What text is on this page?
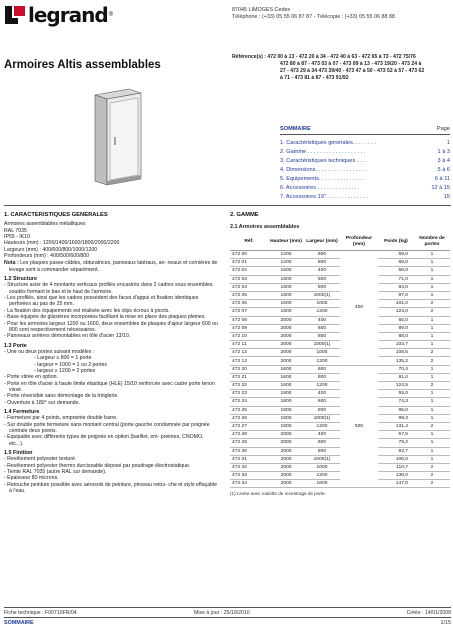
legrand ®
87045 LIMOGES Cedex
Téléphone : (+33) 05 55 06 87 87 - Télécopie : (+33) 05 55 06 88 88
Armoires Altis assemblables
Référence(s) : 472 00 à 13 - 472 20 à 34 - 472 40 à 63 - 472 65 à 73 - 472 75/76
472 80 à 87 - 473 03 à 07 - 473 09 à 13 - 473 19/20 - 473 24 à
27 - 473 29 à 34 473 39/40 - 473 47 à 50 - 473 52 à 57 - 473 62
à 71 - 473 81 à 87 - 473 91/92
SOMMAIRE	Page
1. Caractéristiques générales. . . . . . . .	1
2. Gamme . . . . . . . . . . . . . . . . . . .	1 à 3
3. Caractéristiques techniques . . . .	3 à 4
4. Dimensions. . . . . . . . . . . . . . . . .	5 à 6
5. Equipements. . . . . . . . . . . . . . .	6 à 11
6. Accessoires . . . . . . . . . . . . . .	12 à 15
7. Accessoires 19". . . . . . . . . . . . . .	15
1. CARACTERISTIQUES GENERALES

Armoires assemblables métalliques

RAL 7035

IP55 - IK10

Hauteurs (mm) : 1200/1400/1600/1800/2000/2200

Largeurs (mm) : 400/600/800/1000/1200

Profondeurs (mm) : 400/500/600/800

Nota : Les plaques passe-câbles, obturatrices, panneaux latéraux, an- neaux et cornières de levage sont à commander séparément.

1.2 Structure

- Structure acier de 4 montants verticaux profilés encastrés dans 2 cadres sous ensembles soudés formant le bas et le haut de l'armoire.

- Les profilés, ainsi que les cadres possèdent des faces d'appui et fixation identiques perforées au pas de 25 mm.

- La fixation des équipements est réalisée avec les clips écrous à picots.

- Base équipée de glissières incorporées facilitant la mise en place des plaques pleines.

- Pour les armoires largeur 1200 ou 1600, deux ensembles de plaques d'ajour largeur 600 ou 800 sont respectivement nécessaires.

- Panneaux arrières démontables en tôle d'acier 13/10.

1.3 Porte

- Une ou deux portes suivant modèles :

- Largeur ≤ 800 = 1 porte

- largeur = 1000 = 1 ou 2 portes

- largeur ≥ 1200 = 2 portes

- Porte vitrée en option.

- Porte en tôle d'acier à haute limite élastique (HLE) 15/10 renforcée avec cadre porte tenon vissé.

- Porte réversible sans démontage de la tringlerie.

- Ouverture à 180° sur demande.

1.4 Fermeture

- Fermeture par 4 points, empreinte double barre.

- Sur double porte fermeture sans montant central (porte gauche condamnée par poignée centrale deux points.

- Equipable avec différents types de poignée en option (barillet, em- preintes, CNOMO, etc...).

1.5 Finition

- Revêtement polyester texturé.

- Revêtement polyester thermo durcissable déposé par poudrage électrostatique.

- Teinte RAL 7035 (autre RAL sur demande).

- Epaisseur 80 microns.

- Retouche peinture possible avec aérosols de peinture, pinceau retou- che et stylo effaçable à l'eau.

2. GAMME
2.1 Armoires assemblables
Réf.	Hauteur (mm)	Largeur (mm)	Profondeur (mm)	Poids (kg)	Nombre de portes
472 00	1200	600	400	59,0	1
472 01	1200	800		69,0	1
472 02	1600	400		56,0	1
472 03	1800	600		71,0	1
472 04	1800	800		84,0	1
472 05	1800	1000(1)		97,0	1
472 06	1600	1000		101,0	2
472 07	1800	1200		124,0	2
472 08	2000	400		65,0	1
472 09	2000	600		89,0	1
472 10	2000	800		88,0	1
472 11	2000	1000(1)		103,7	1
472 12	2000	1000		108,5	2
472 13	2000	1200		135,2	2
472 20	1600	600	500	70,4	1
472 21	1600	800		81,0	1
472 22	1600	1200		124,5	2
472 23	1800	400		55,0	1
472 24	1800	600		74,3	1
472 25	1800	800		86,0	1
472 26	1800	1000(1)		99,3	1
472 27	1800	1200		131,4	2
472 28	2000	400		57,5	1
472 29	2000	600		79,2	1
472 30	2000	800		92,7	1
472 31	2000	1000(1)		106,0	1
472 32	2000	1000		110,7	2
472 33	2000	1200		138,0	2
472 34	2000	1600		147,0	2
(1) Livrée avec roulette de recentrage de porte
Fiche technique : F00710FR/04	Mise à jour : 25/10/2010	Créée : 14/01/2008
SOMMAIRE	1/15
